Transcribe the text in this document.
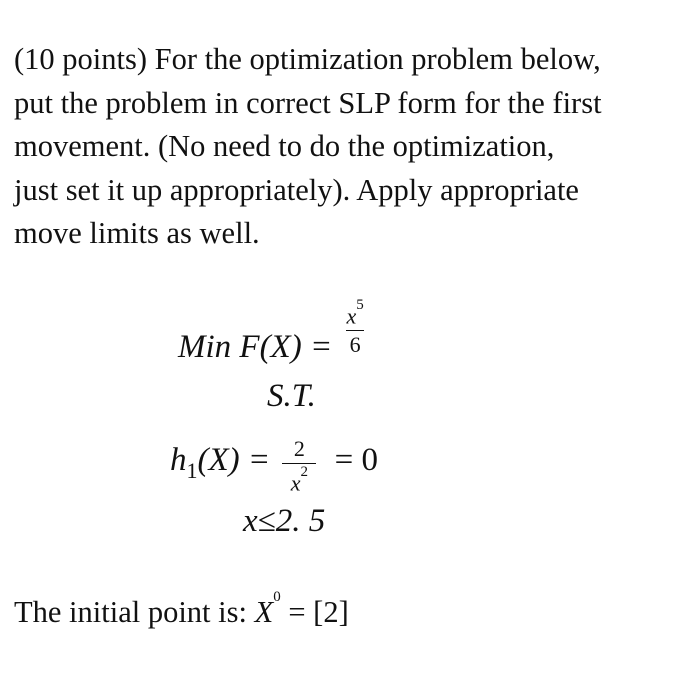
(10 points) For the optimization problem below,
put the problem in correct SLP form for the first
movement. (No need to do the optimization,
just set it up appropriately). Apply appropriate
move limits as well.
Min $F(X) = \frac{x^5}{6}$
S.T.
$h_1(X) = \frac{2}{x^2} = 0$
x≤2. 5
The initial point is: $X^0 = [2]$
